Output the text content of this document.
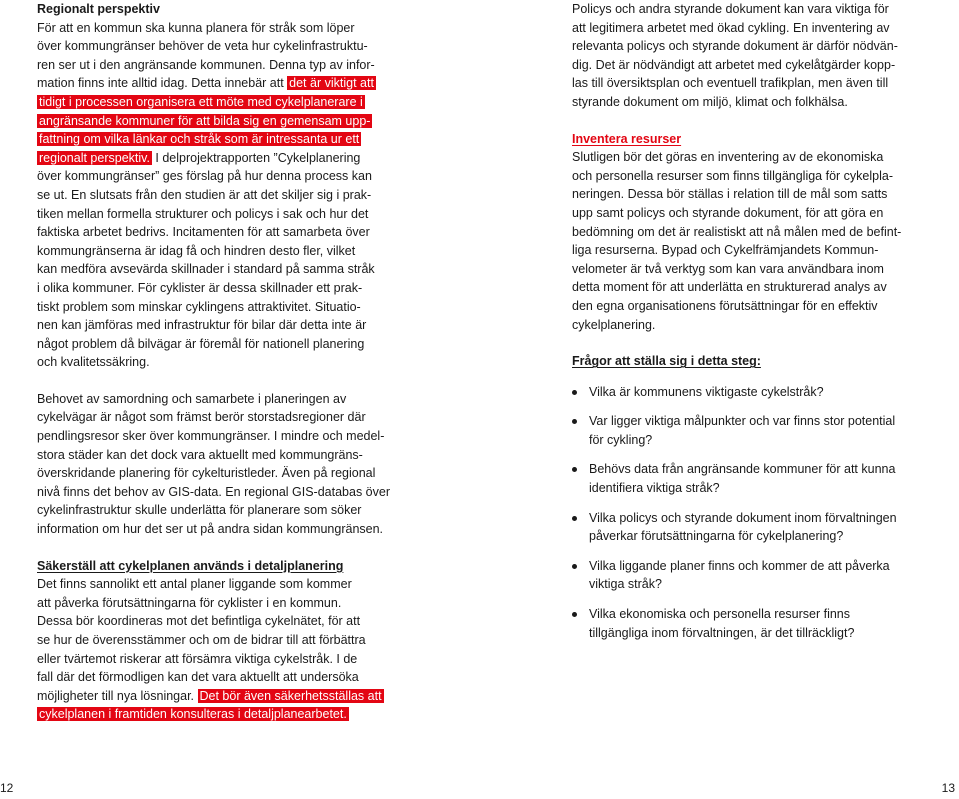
Regionalt perspektiv

För att en kommun ska kunna planera för stråk som löper
över kommungränser behöver de veta hur cykelinfrastruktu-
ren ser ut i den angränsande kommunen. Denna typ av infor-
mation finns inte alltid idag. Detta innebär att det är viktigt att tidigt i processen organisera ett möte med cykelplanerare i angränsande kommuner för att bilda sig en gemensam upp-fattning om vilka länkar och stråk som är intressanta ur ett regionalt perspektiv. I delprojektrapporten ”Cykelplanering
över kommungränser” ges förslag på hur denna process kan
se ut. En slutsats från den studien är att det skiljer sig i prak-
tiken mellan formella strukturer och policys i sak och hur det
faktiska arbetet bedrivs. Incitamenten för att samarbeta över
kommungränserna är idag få och hindren desto fler, vilket
kan medföra avsevärda skillnader i standard på samma stråk
i olika kommuner. För cyklister är dessa skillnader ett prak-
tiskt problem som minskar cyklingens attraktivitet. Situatio-
nen kan jämföras med infrastruktur för bilar där detta inte är
något problem då bilvägar är föremål för nationell planering
och kvalitetssäkring.

Behovet av samordning och samarbete i planeringen av
cykelvägar är något som främst berör storstadsregioner där
pendlingsresor sker över kommungränser. I mindre och medel-
stora städer kan det dock vara aktuellt med kommungräns-
överskridande planering för cykelturistleder. Även på regional
nivå finns det behov av GIS-data. En regional GIS-databas över
cykelinfrastruktur skulle underlätta för planerare som söker
information om hur det ser ut på andra sidan kommungränsen.

Säkerställ att cykelplanen används i detaljplanering

Det finns sannolikt ett antal planer liggande som kommer
att påverka förutsättningarna för cyklister i en kommun.
Dessa bör koordineras mot det befintliga cykelnätet, för att
se hur de överensstämmer och om de bidrar till att förbättra
eller tvärtemot riskerar att försämra viktiga cykelstråk. I de
fall där det förmodligen kan det vara aktuellt att undersöka
möjligheter till nya lösningar. Det bör även säkerhetsställas att cykelplanen i framtiden konsulteras i detaljplanearbetet.

Policys och andra styrande dokument kan vara viktiga för
att legitimera arbetet med ökad cykling. En inventering av
relevanta policys och styrande dokument är därför nödvän-
dig. Det är nödvändigt att arbetet med cykelåtgärder kopp-
las till översiktsplan och eventuell trafikplan, men även till
styrande dokument om miljö, klimat och folkhälsa.

Inventera resurser

Slutligen bör det göras en inventering av de ekonomiska
och personella resurser som finns tillgängliga för cykelpla-
neringen. Dessa bör ställas i relation till de mål som satts
upp samt policys och styrande dokument, för att göra en
bedömning om det är realistiskt att nå målen med de befint-
liga resurserna. Bypad och Cykelfrämjandets Kommun-
velometer är två verktyg som kan vara användbara inom
detta moment för att underlätta en strukturerad analys av
den egna organisationens förutsättningar för en effektiv
cykelplanering.

Frågor att ställa sig i detta steg:
Vilka är kommunens viktigaste cykelstråk?
Var ligger viktiga målpunkter och var finns stor potential
för cykling?
Behövs data från angränsande kommuner för att kunna
identifiera viktiga stråk?
Vilka policys och styrande dokument inom förvaltningen
påverkar förutsättningarna för cykelplanering?
Vilka liggande planer finns och kommer de att påverka
viktiga stråk?
Vilka ekonomiska och personella resurser finns
tillgängliga inom förvaltningen, är det tillräckligt?
12	13
